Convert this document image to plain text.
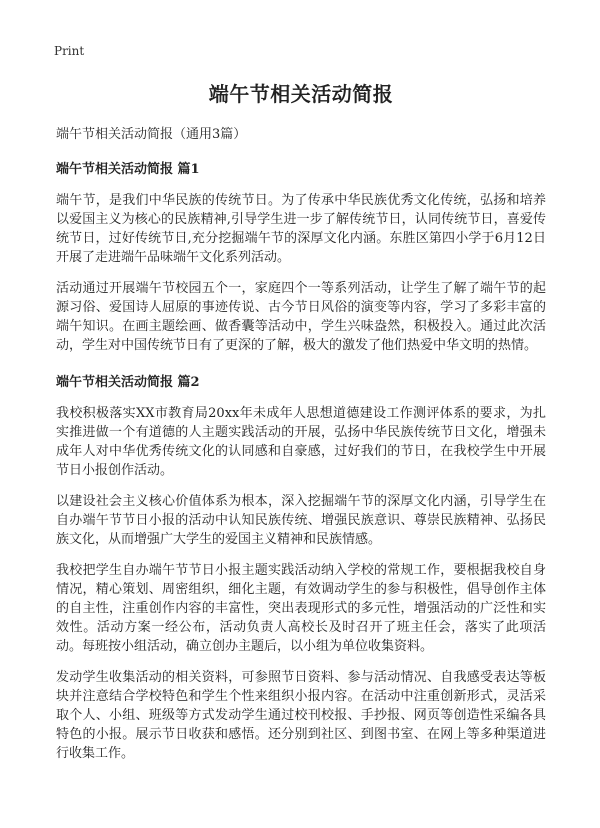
Print
端午节相关活动简报
端午节相关活动简报（通用3篇）
端午节相关活动简报 篇1

端午节，是我们中华民族的传统节日。为了传承中华民族优秀文化传统，弘扬和培养以爱国主义为核心的民族精神,引导学生进一步了解传统节日，认同传统节日，喜爱传统节日，过好传统节日,充分挖掘端午节的深厚文化内涵。东胜区第四小学于6月12日开展了走进端午品味端午文化系列活动。

活动通过开展端午节校园五个一，家庭四个一等系列活动，让学生了解了端午节的起源习俗、爱国诗人屈原的事迹传说、古今节日风俗的演变等内容，学习了多彩丰富的端午知识。在画主题绘画、做香囊等活动中，学生兴味盎然，积极投入。通过此次活动，学生对中国传统节日有了更深的了解，极大的激发了他们热爱中华文明的热情。

端午节相关活动简报 篇2

我校积极落实XX市教育局20xx年未成年人思想道德建设工作测评体系的要求，为扎实推进做一个有道德的人主题实践活动的开展，弘扬中华民族传统节日文化，增强未成年人对中华优秀传统文化的认同感和自豪感，过好我们的节日，在我校学生中开展节日小报创作活动。

以建设社会主义核心价值体系为根本，深入挖掘端午节的深厚文化内涵，引导学生在自办端午节节日小报的活动中认知民族传统、增强民族意识、尊崇民族精神、弘扬民族文化，从而增强广大学生的爱国主义精神和民族情感。

我校把学生自办端午节节日小报主题实践活动纳入学校的常规工作，要根据我校自身情况，精心策划、周密组织，细化主题，有效调动学生的参与积极性，倡导创作主体的自主性，注重创作内容的丰富性，突出表现形式的多元性，增强活动的广泛性和实效性。活动方案一经公布，活动负责人高校长及时召开了班主任会，落实了此项活动。每班按小组活动，确立创办主题后，以小组为单位收集资料。

发动学生收集活动的相关资料，可参照节日资料、参与活动情况、自我感受表达等板块并注意结合学校特色和学生个性来组织小报内容。在活动中注重创新形式，灵活采取个人、小组、班级等方式发动学生通过校刊校报、手抄报、网页等创造性采编各具特色的小报。展示节日收获和感悟。还分别到社区、到图书室、在网上等多种渠道进行收集工作。
